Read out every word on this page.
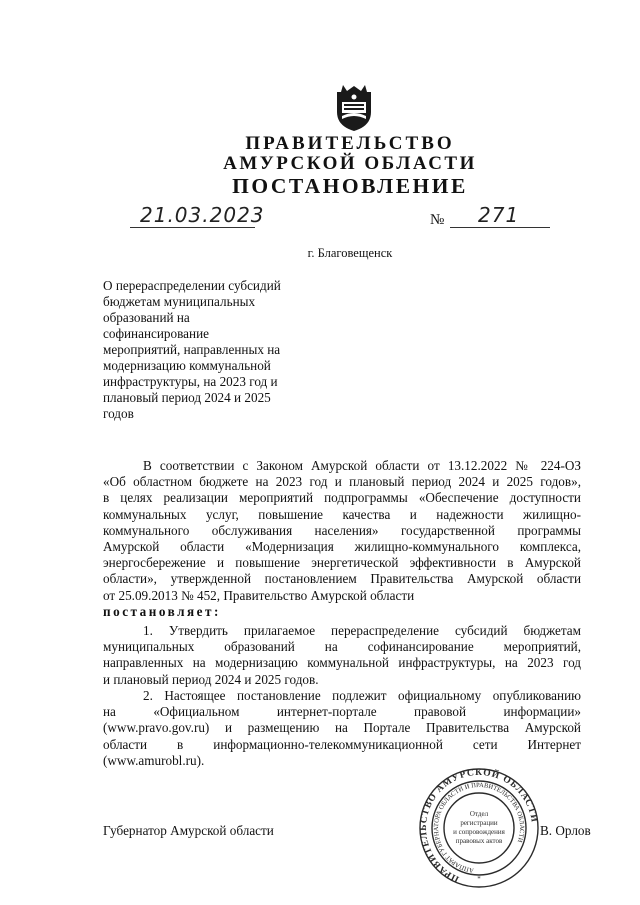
ПРАВИТЕЛЬСТВО
АМУРСКОЙ ОБЛАСТИ
ПОСТАНОВЛЕНИЕ
21.03.2023	№ 271
г. Благовещенск
О перераспределении субсидий
бюджетам муниципальных
образований на
софинансирование
мероприятий, направленных на
модернизацию коммунальной
инфраструктуры, на 2023 год и
плановый период 2024 и 2025
годов
В соответствии с Законом Амурской области от 13.12.2022 № 224-ОЗ
«Об областном бюджете на 2023 год и плановый период 2024 и 2025 годов»,
в целях реализации мероприятий подпрограммы «Обеспечение доступности
коммунальных услуг, повышение качества и надежности жилищно-
коммунального обслуживания населения» государственной программы
Амурской области «Модернизация жилищно-коммунального комплекса,
энергосбережение и повышение энергетической эффективности в Амурской
области», утвержденной постановлением Правительства Амурской области
от 25.09.2013 № 452, Правительство Амурской области
постановляет:
1. Утвердить прилагаемое перераспределение субсидий бюджетам
муниципальных образований на софинансирование мероприятий,
направленных на модернизацию коммунальной инфраструктуры, на 2023 год
и плановый период 2024 и 2025 годов.
2. Настоящее постановление подлежит официальному опубликованию
на «Официальном интернет-портале правовой информации»
(www.pravo.gov.ru) и размещению на Портале Правительства Амурской
области в информационно-телекоммуникационной сети Интернет
(www.amurobl.ru).
Губернатор Амурской области	В. Орлов
ПРАВИТЕЛЬСТВО АМУРСКОЙ ОБЛАСТИ
АППАРАТ ГУБЕРНАТОРА ОБЛАСТИ И ПРАВИТЕЛЬСТВА ОБЛАСТИ
Отдел
регистрации
и сопровождения
правовых актов
*
